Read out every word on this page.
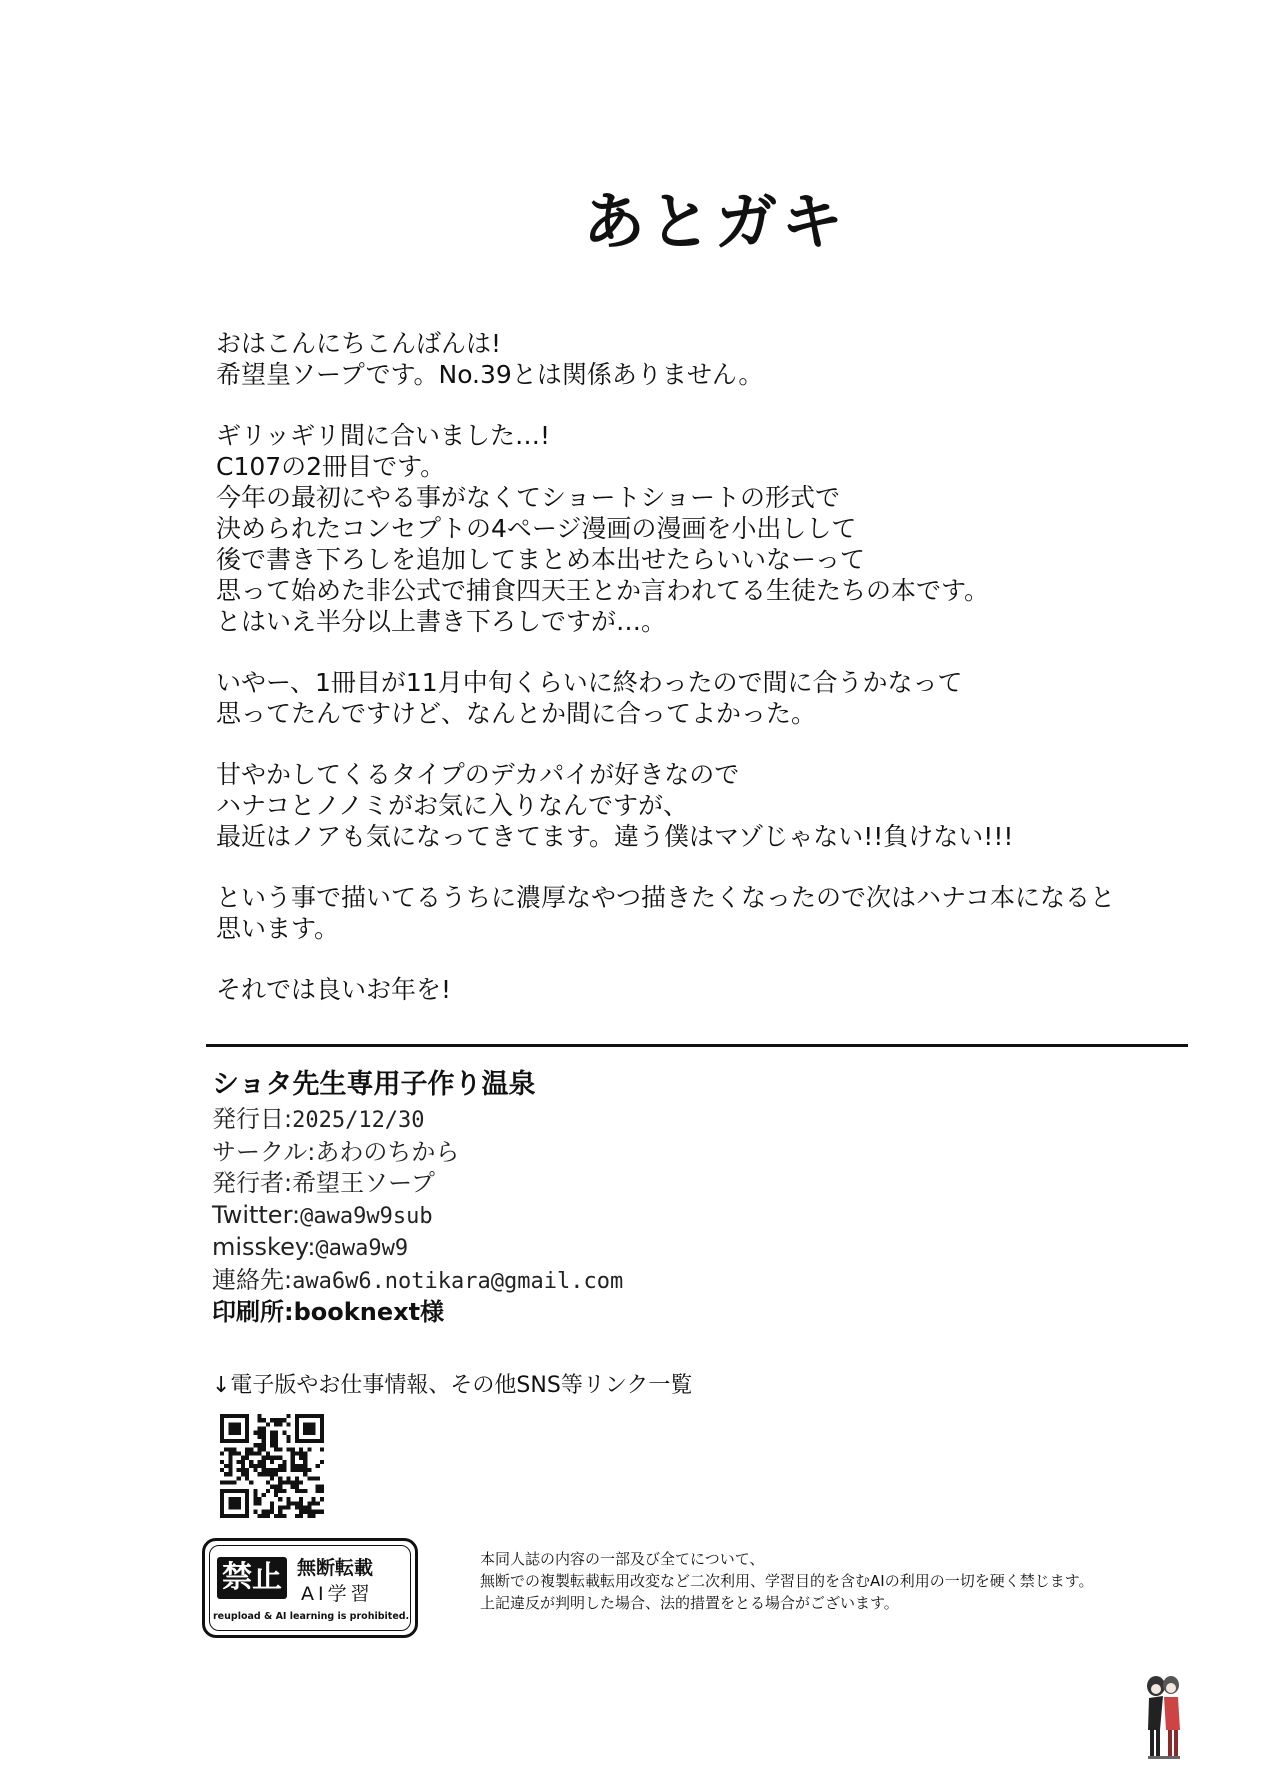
あとガキ
おはこんにちこんばんは!
希望皇ソープです。No.39とは関係ありません。
ギリッギリ間に合いました…!
C107の2冊目です。
今年の最初にやる事がなくてショートショートの形式で
決められたコンセプトの4ページ漫画の漫画を小出しして
後で書き下ろしを追加してまとめ本出せたらいいなーって
思って始めた非公式で捕食四天王とか言われてる生徒たちの本です。
とはいえ半分以上書き下ろしですが…。
いやー、1冊目が11月中旬くらいに終わったので間に合うかなって
思ってたんですけど、なんとか間に合ってよかった。
甘やかしてくるタイプのデカパイが好きなので
ハナコとノノミがお気に入りなんですが、
最近はノアも気になってきてます。違う僕はマゾじゃない!!負けない!!!
という事で描いてるうちに濃厚なやつ描きたくなったので次はハナコ本になると
思います。
それでは良いお年を!
ショタ先生専用子作り温泉
発行日:2025/12/30
サークル:あわのちから
発行者:希望王ソープ
Twitter:@awa9w9sub
misskey:@awa9w9
連絡先:awa6w6.notikara@gmail.com
印刷所:booknext様
↓電子版やお仕事情報、その他SNS等リンク一覧
禁止 無断転載
AI学習
reupload & AI learning is prohibited.
本同人誌の内容の一部及び全てについて、
無断での複製転載転用改変など二次利用、学習目的を含むAIの利用の一切を硬く禁じます。
上記違反が判明した場合、法的措置をとる場合がございます。
